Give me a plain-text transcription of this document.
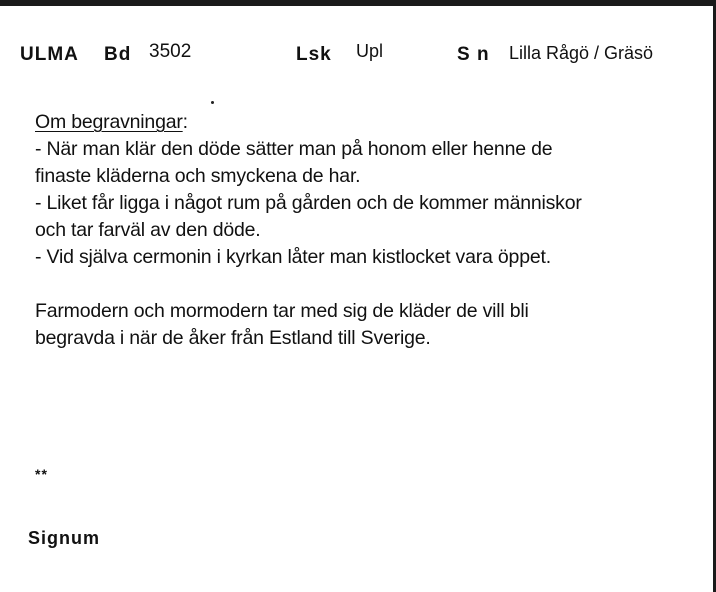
ULMA Bd 3502	Lsk Upl	S n Lilla Rågö / Gräsö
Om begravningar:
- När man klär den döde sätter man på honom eller henne de
finaste kläderna och smyckena de har.
- Liket får ligga i något rum på gården och de kommer människor
och tar farväl av den döde.
- Vid själva cermonin i kyrkan låter man kistlocket vara öppet.
Farmodern och mormodern tar med sig de kläder de vill bli
begravda i när de åker från Estland till Sverige.
**
Signum
